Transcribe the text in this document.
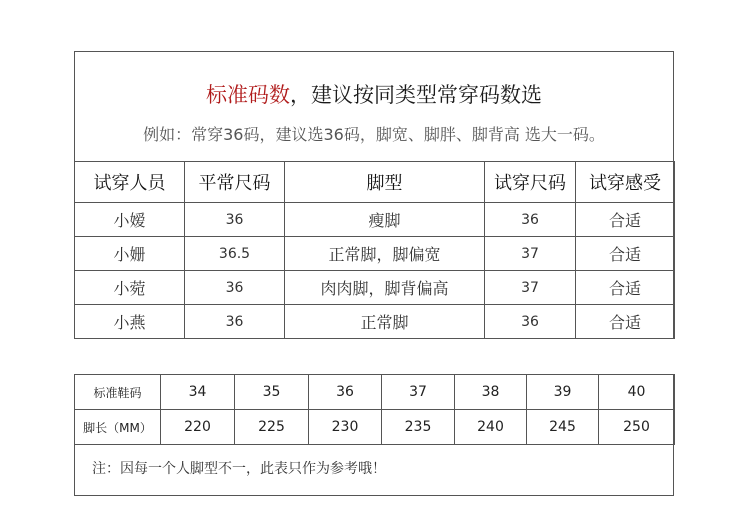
标准码数，建议按同类型常穿码数选
例如：常穿36码，建议选36码，脚宽、脚胖、脚背高 选大一码。
试穿人员	平常尺码	脚型	试穿尺码	试穿感受
小嫒	36	瘦脚	36	合适
小姗	36.5	正常脚，脚偏宽	37	合适
小菀	36	肉肉脚，脚背偏高	37	合适
小燕	36	正常脚	36	合适
标准鞋码	34	35	36	37	38	39	40
脚长（MM）	220	225	230	235	240	245	250
注：因每一个人脚型不一，此表只作为参考哦！
